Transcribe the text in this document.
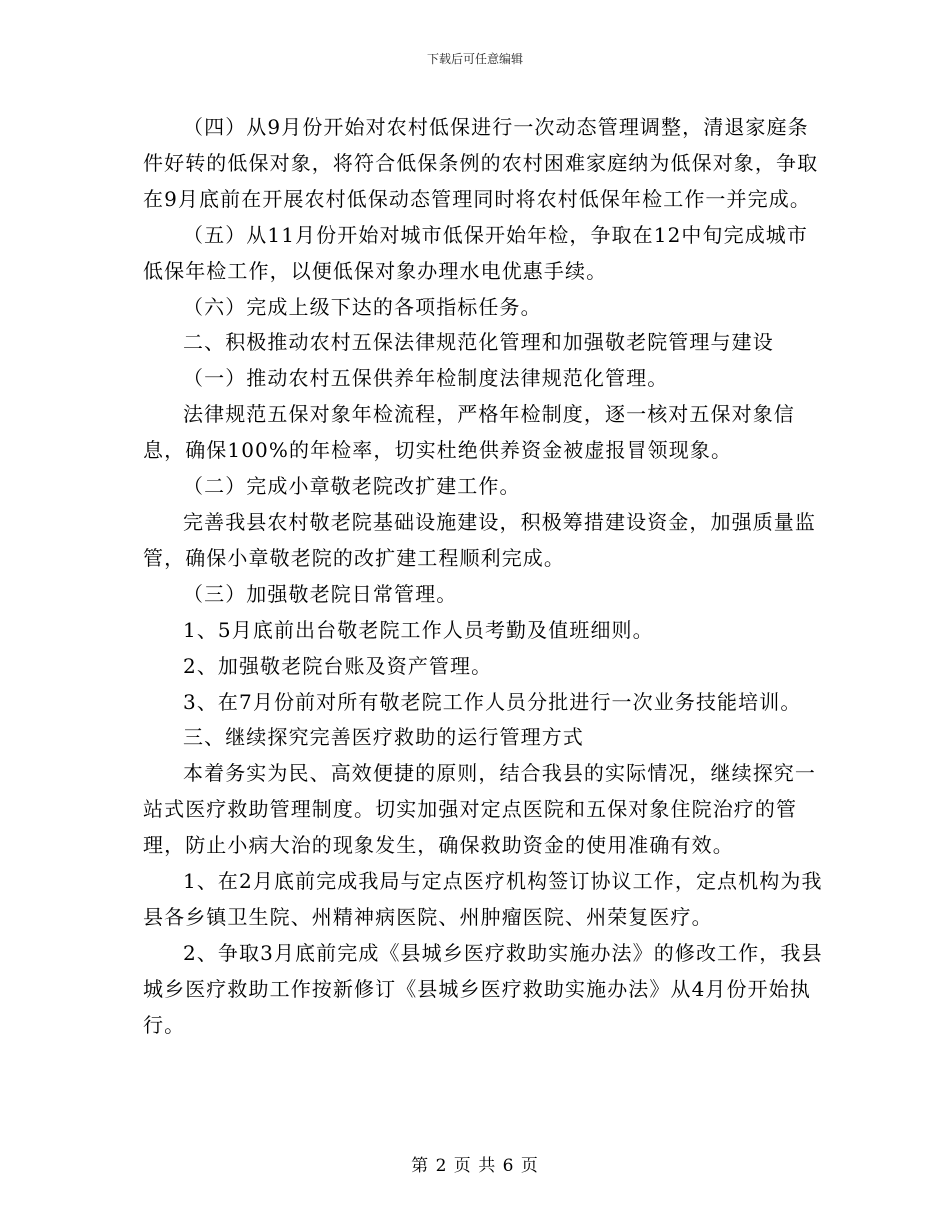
下载后可任意编辑

（四）从9月份开始对农村低保进行一次动态管理调整，清退家庭条件好转的低保对象，将符合低保条例的农村困难家庭纳为低保对象，争取在9月底前在开展农村低保动态管理同时将农村低保年检工作一并完成。

（五）从11月份开始对城市低保开始年检，争取在12中旬完成城市低保年检工作，以便低保对象办理水电优惠手续。

（六）完成上级下达的各项指标任务。

二、积极推动农村五保法律规范化管理和加强敬老院管理与建设

（一）推动农村五保供养年检制度法律规范化管理。

法律规范五保对象年检流程，严格年检制度，逐一核对五保对象信息，确保100%的年检率，切实杜绝供养资金被虚报冒领现象。

（二）完成小章敬老院改扩建工作。

完善我县农村敬老院基础设施建设，积极筹措建设资金，加强质量监管，确保小章敬老院的改扩建工程顺利完成。

（三）加强敬老院日常管理。

1、5月底前出台敬老院工作人员考勤及值班细则。

2、加强敬老院台账及资产管理。

3、在7月份前对所有敬老院工作人员分批进行一次业务技能培训。

三、继续探究完善医疗救助的运行管理方式

本着务实为民、高效便捷的原则，结合我县的实际情况，继续探究一站式医疗救助管理制度。切实加强对定点医院和五保对象住院治疗的管理，防止小病大治的现象发生，确保救助资金的使用准确有效。

1、在2月底前完成我局与定点医疗机构签订协议工作，定点机构为我县各乡镇卫生院、州精神病医院、州肿瘤医院、州荣复医疗。

2、争取3月底前完成《县城乡医疗救助实施办法》的修改工作，我县城乡医疗救助工作按新修订《县城乡医疗救助实施办法》从4月份开始执行。

第 2 页 共 6 页
